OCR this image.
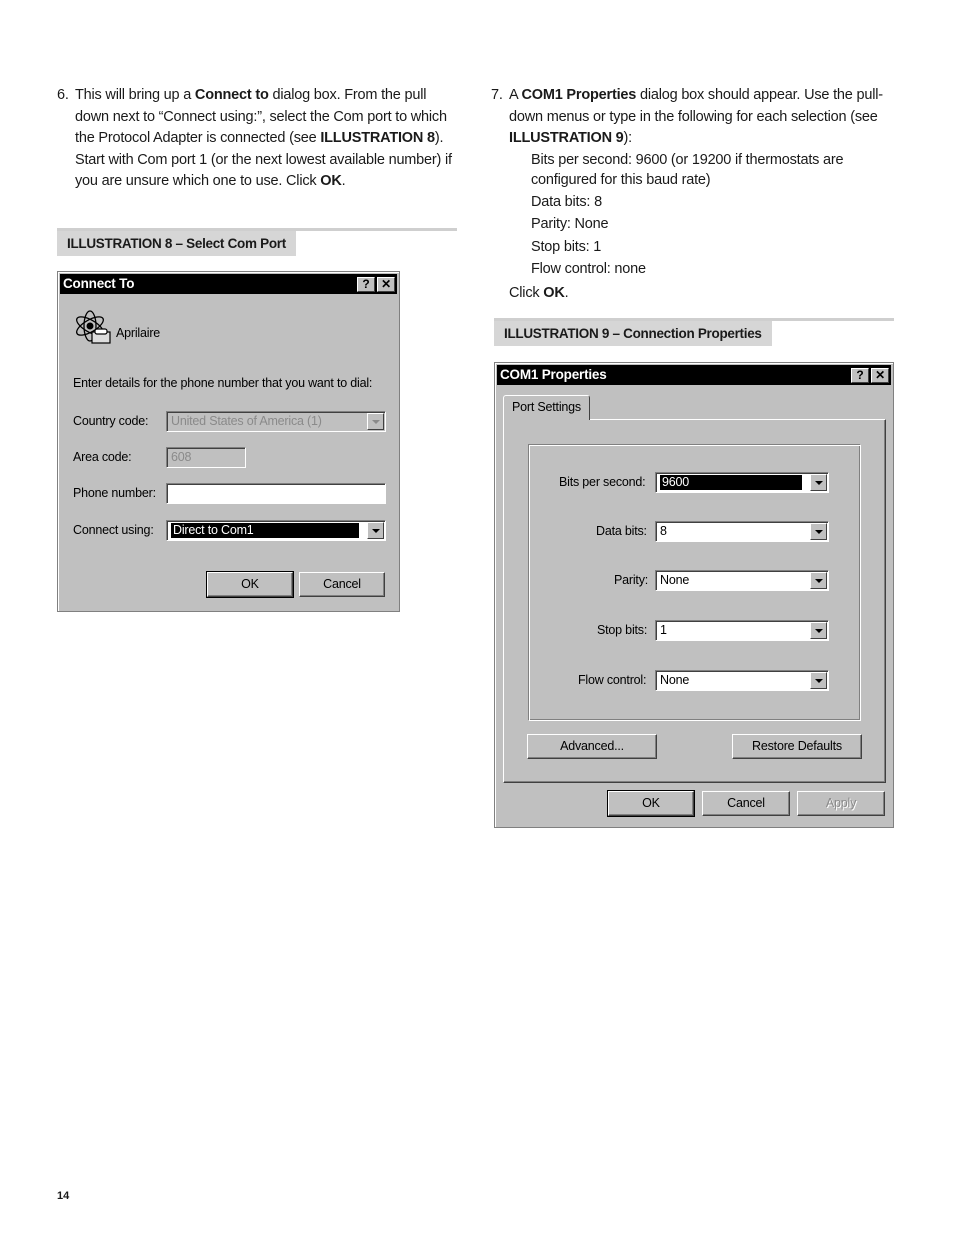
6. This will bring up a Connect to dialog box. From the pull down next to “Connect using:”, select the Com port to which the Protocol Adapter is connected (see ILLUSTRATION 8). Start with Com port 1 (or the next lowest available number) if you are unsure which one to use. Click OK.
ILLUSTRATION 8 – Select Com Port
Connect To	? ✕
Aprilaire
Enter details for the phone number that you want to dial:
Country code:	United States of America (1)
Area code:	608
Phone number:
Connect using:	Direct to Com1
OK	Cancel
7. A COM1 Properties dialog box should appear. Use the pull-down menus or type in the following for each selection (see ILLUSTRATION 9):
Bits per second: 9600 (or 19200 if thermostats are configured for this baud rate)
Data bits: 8
Parity: None
Stop bits: 1
Flow control: none
Click OK.
ILLUSTRATION 9 – Connection Properties
COM1 Properties	? ✕
Port Settings
Bits per second:	9600
Data bits:	8
Parity: None
Stop bits:	1
Flow control:	None
Advanced...	Restore Defaults
OK	Cancel	Apply
14
